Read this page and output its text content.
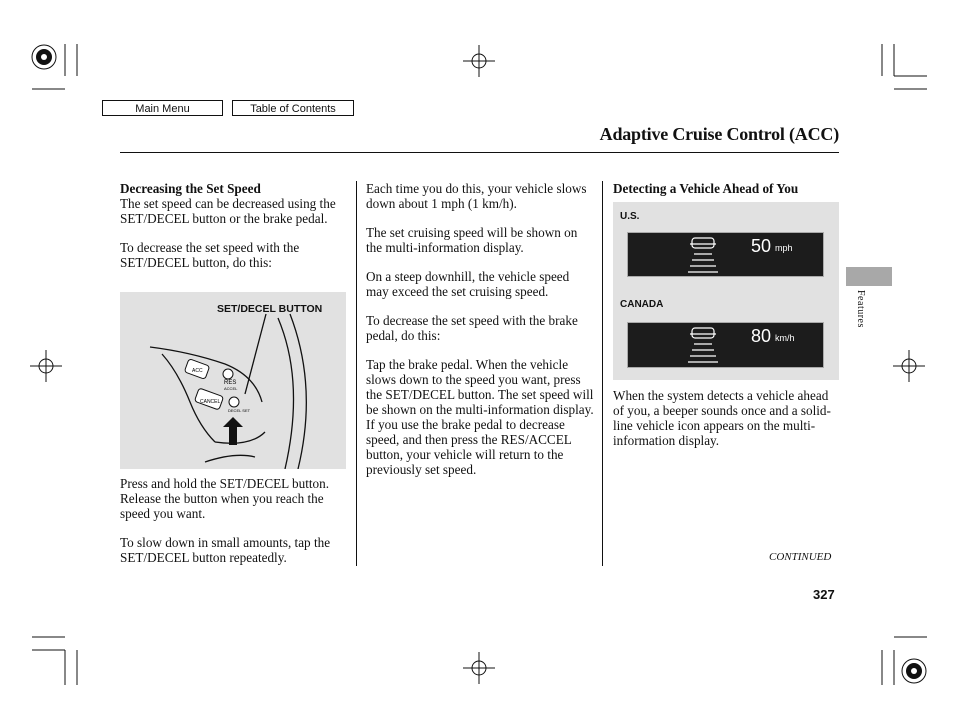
Main Menu	Table of Contents
Adaptive Cruise Control (ACC)
Decreasing the Set Speed

The set speed can be decreased using the SET/DECEL button or the brake pedal.

To decrease the set speed with the SET/DECEL button, do this:

SET/DECEL BUTTON
ACC
CANCEL
RES
ACCEL
DECEL SET

Press and hold the SET/DECEL button. Release the button when you reach the speed you want.

To slow down in small amounts, tap the SET/DECEL button repeatedly.

Each time you do this, your vehicle slows down about 1 mph (1 km/h).

The set cruising speed will be shown on the multi-information display.

On a steep downhill, the vehicle speed may exceed the set cruising speed.

To decrease the set speed with the brake pedal, do this:

Tap the brake pedal. When the vehicle slows down to the speed you want, press the SET/DECEL button. The set speed will be shown on the multi-information display. If you use the brake pedal to decrease speed, and then press the RES/ACCEL button, your vehicle will return to the previously set speed.

Detecting a Vehicle Ahead of You
U.S.
50 mph
CANADA
80 km/h

When the system detects a vehicle ahead of you, a beeper sounds once and a solid-line vehicle icon appears on the multi-information display.

Features
CONTINUED
327
